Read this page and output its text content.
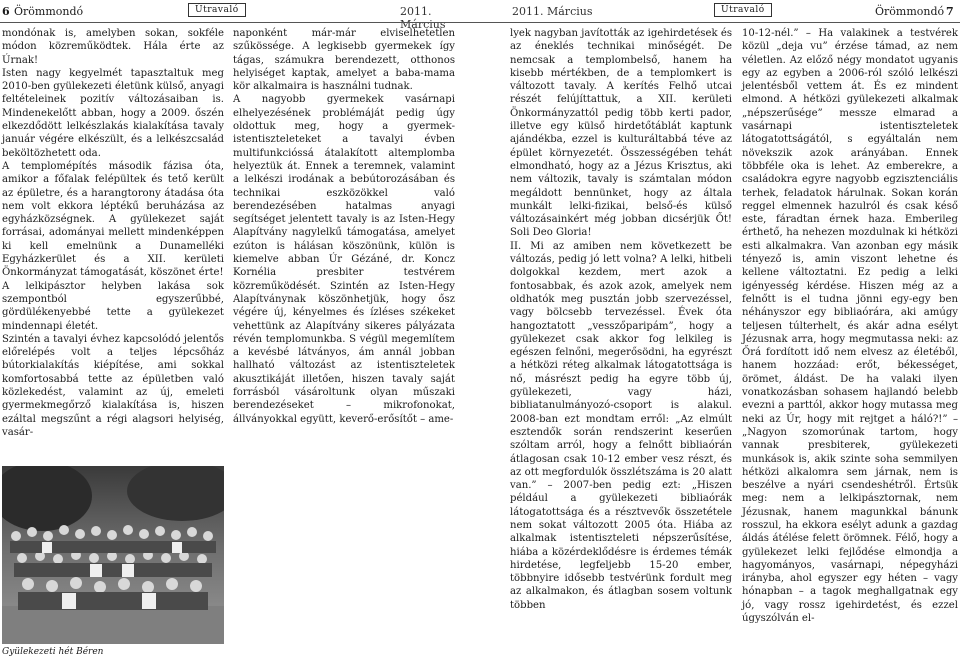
6 Örömmondó	Útravaló	2011. Március

mondónak is, amelyben sokan, sokféle módon közreműködtek. Hála érte az Úrnak!

Isten nagy kegyelmét tapasztaltuk meg 2010-ben gyülekezeti életünk külső, anyagi feltételeinek pozitív változásaiban is. Mindenekelőtt abban, hogy a 2009. őszén elkezdődött lelkészlakás kialakítása tavaly január végére elkészült, és a lelkészcsalád beköltözhetett oda.

A templomépítés második fázisa óta, amikor a főfalak felépültek és tető került az épületre, és a harangtorony átadása óta nem volt ekkora léptékű beruházása az egyházközségnek. A gyülekezet saját forrásai, adományai mellett mindenképpen ki kell emelnünk a Dunamelléki Egyházkerület és a XII. kerületi Önkormányzat támogatását, köszönet érte!

A lelkipásztor helyben lakása sok szempontból egyszerűbbé, gördülékenyebbé tette a gyülekezet mindennapi életét.

Szintén a tavalyi évhez kapcsolódó jelentős előrelépés volt a teljes lépcsőház bútorkialakítás kiépítése, ami sokkal komfortosabbá tette az épületben való közlekedést, valamint az új, emeleti gyermekmegőrző kialakítása is, hiszen ezáltal megszűnt a régi alagsori helyiség, vasár-

Gyülekezeti hét Béren

naponként már-már elviselhetetlen szűkössége. A legkisebb gyermekek így tágas, számukra berendezett, otthonos helyiséget kaptak, amelyet a baba-mama kör alkalmaira is használni tudnak.

A nagyobb gyermekek vasárnapi elhelyezésének problémáját pedig úgy oldottuk meg, hogy a gyermek-istentiszteleteket a tavalyi évben multifunkcióssá átalakított altemplomba helyeztük át. Ennek a teremnek, valamint a lelkészi irodának a bebútorozásában és technikai eszközökkel való berendezésében hatalmas anyagi segítséget jelentett tavaly is az Isten-Hegy Alapítvány nagylelkű támogatása, amelyet ezúton is hálásan köszönünk, külön is kiemelve abban Úr Gézáné, dr. Koncz Kornélia presbiter testvérem közreműködését. Szintén az Isten-Hegy Alapítványnak köszönhetjük, hogy ősz végére új, kényelmes és ízléses székeket vehettünk az Alapítvány sikeres pályázata révén templomunkba. S végül megemlítem a kevésbé látványos, ám annál jobban hallható változást az istentiszteletek akusztikáját illetően, hiszen tavaly saját forrásból vásároltunk olyan műszaki berendezéseket – mikrofonokat, állványokkal együtt, keverő-erősítőt – ame-

2011. Március	Útravaló	Örömmondó 7

lyek nagyban javították az igehirdetések és az éneklés technikai minőségét. De nemcsak a templombelső, hanem ha kisebb mértékben, de a templomkert is változott tavaly. A kerítés Felhő utcai részét felújíttattuk, a XII. kerületi Önkormányzattól pedig több kerti pador, illetve egy külső hirdetőtáblát kaptunk ajándékba, ezzel is kulturáltabbá téve az épület környezetét. Összességében tehát elmondható, hogy az a Jézus Krisztus, aki nem változik, tavaly is számtalan módon megáldott bennünket, hogy az általa munkált lelki-fizikai, belső-és külső változásainkért még jobban dicsérjük Őt! Soli Deo Gloria!

II. Mi az amiben nem következett be változás, pedig jó lett volna? A lelki, hitbeli dolgokkal kezdem, mert azok a fontosabbak, és azok azok, amelyek nem oldhatók meg pusztán jobb szervezéssel, vagy bölcsebb tervezéssel. Évek óta hangoztatott „vesszőparipám”, hogy a gyülekezet csak akkor fog lelkileg is egészen felnőni, megerősödni, ha egyrészt a hétközi réteg alkalmak látogatottsága is nő, másrészt pedig ha egyre több új, gyülekezeti, vagy házi, bibliatanulmányozó-csoport is alakul. 2008-ban ezt mondtam erről: „Az elmúlt esztendők során rendszerint keserűen szóltam arról, hogy a felnőtt bibliaórán átlagosan csak 10-12 ember vesz részt, és az ott megfordulók összlétszáma is 20 alatt van.” – 2007-ben pedig ezt: „Hiszen például a gyülekezeti bibliaórák látogatottsága és a résztvevők összetétele nem sokat változott 2005 óta. Hiába az alkalmak istentiszteleti népszerűsítése, hiába a közérdeklődésre is érdemes témák hirdetése, legfeljebb 15-20 ember, többnyire idősebb testvérünk fordult meg az alkalmakon, és átlagban sosem voltunk többen

10-12-nél.” – Ha valakinek a testvérek közül „deja vu” érzése támad, az nem véletlen. Az előző négy mondatot ugyanis egy az egyben a 2006-ról szóló lelkészi jelentésből vettem át. És ez mindent elmond. A hétközi gyülekezeti alkalmak „népszerűsége” messze elmarad a vasárnapi istentiszteletek látogatottságától, s egyáltalán nem növekszik azok arányában. Ennek többféle oka is lehet. Az emberekre, a családokra egyre nagyobb egzisztenciális terhek, feladatok hárulnak. Sokan korán reggel elmennek hazulról és csak késő este, fáradtan érnek haza. Emberileg érthető, ha nehezen mozdulnak ki hétközi esti alkalmakra. Van azonban egy másik tényező is, amin viszont lehetne és kellene változtatni. Ez pedig a lelki igényesség kérdése. Hiszen még az a felnőtt is el tudna jönni egy-egy ben néhányszor egy bibliaórára, aki amúgy teljesen túlterhelt, és akár adna esélyt Jézusnak arra, hogy megmutassa neki: az Őrá fordított idő nem elvesz az életéből, hanem hozzáad: erőt, békességet, örömet, áldást. De ha valaki ilyen vonatkozásban sohasem hajlandó belebb evezni a parttól, akkor hogy mutassa meg neki az Úr, hogy mit rejtget a háló?!” – „Nagyon szomorúnak tartom, hogy vannak presbiterek, gyülekezeti munkások is, akik szinte soha semmilyen hétközi alkalomra sem járnak, nem is beszélve a nyári csendeshétről. Értsük meg: nem a lelkipásztornak, nem Jézusnak, hanem magunkkal bánunk rosszul, ha ekkora esélyt adunk a gazdag áldás átélése felett örömnek. Félő, hogy a gyülekezet lelki fejlődése elmondja a hagyományos, vasárnapi, népegyházi irányba, ahol egyszer egy héten – vagy hónapban – a tagok meghallgatnak egy jó, vagy rossz igehirdetést, és ezzel úgyszólván el-
